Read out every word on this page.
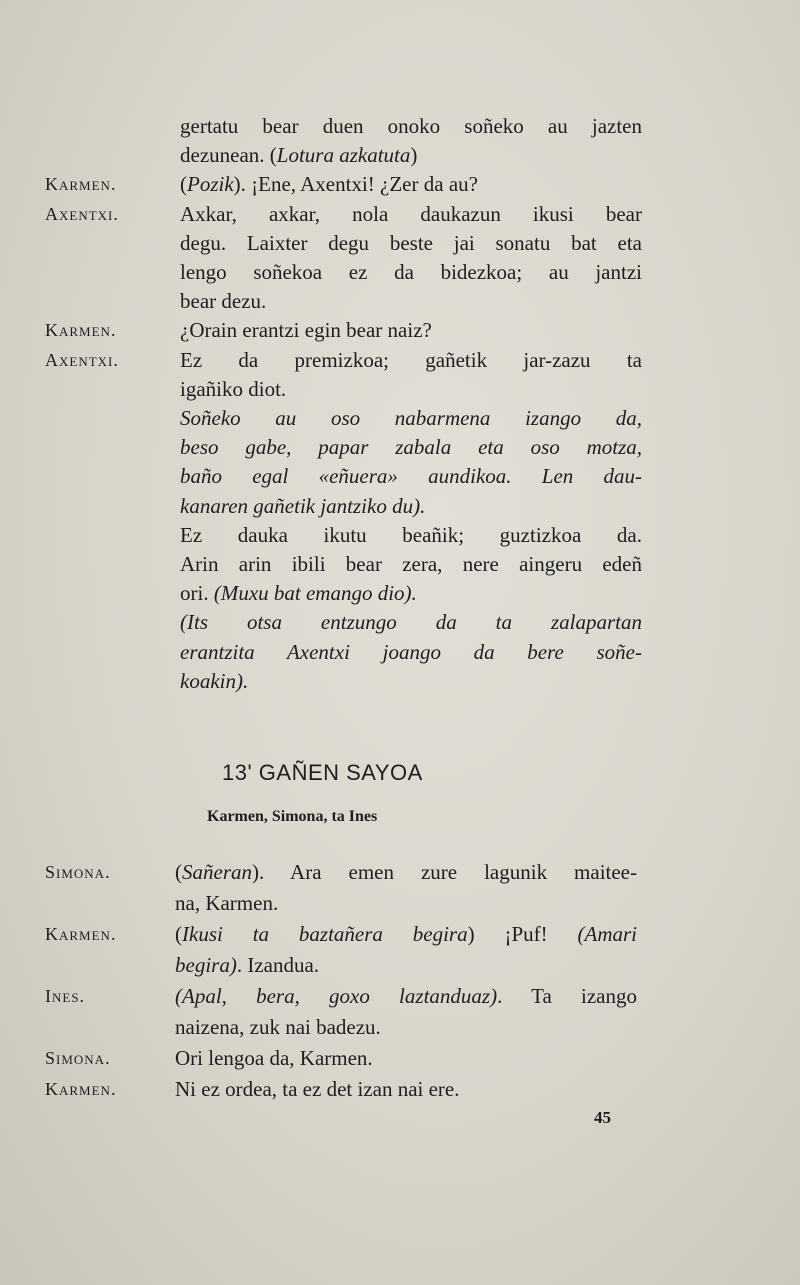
gertatu bear duen onoko soñeko au jazten
dezunean. (Lotura azkatuta)
Karmen.	(Pozik). ¡Ene, Axentxi! ¿Zer da au?
Axentxi.	Axkar, axkar, nola daukazun ikusi bear
degu. Laixter degu beste jai sonatu bat eta
lengo soñekoa ez da bidezkoa; au jantzi
bear dezu.
Karmen.	¿Orain erantzi egin bear naiz?
Axentxi.	Ez da premizkoa; gañetik jar-zazu ta
igañiko diot.
Soñeko au oso nabarmena izango da,
beso gabe, papar zabala eta oso motza,
baño egal «eñuera» aundikoa. Len dau-
kanaren gañetik jantziko du).
Ez dauka ikutu beañik; guztizkoa da.
Arin arin ibili bear zera, nere aingeru edeñ
ori. (Muxu bat emango dio).
(Its otsa entzungo da ta zalapartan
erantzita Axentxi joango da bere soñe-
koakin).
13' GAÑEN SAYOA
Karmen, Simona, ta Ines
Simona.	(Sañeran). Ara emen zure lagunik maitee-
na, Karmen.
Karmen.	(Ikusi ta baztañera begira) ¡Puf! (Amari
begira). Izandua.
Ines.	(Apal, bera, goxo laztanduaz). Ta izango
naizena, zuk nai badezu.
Simona.	Ori lengoa da, Karmen.
Karmen.	Ni ez ordea, ta ez det izan nai ere.
45
